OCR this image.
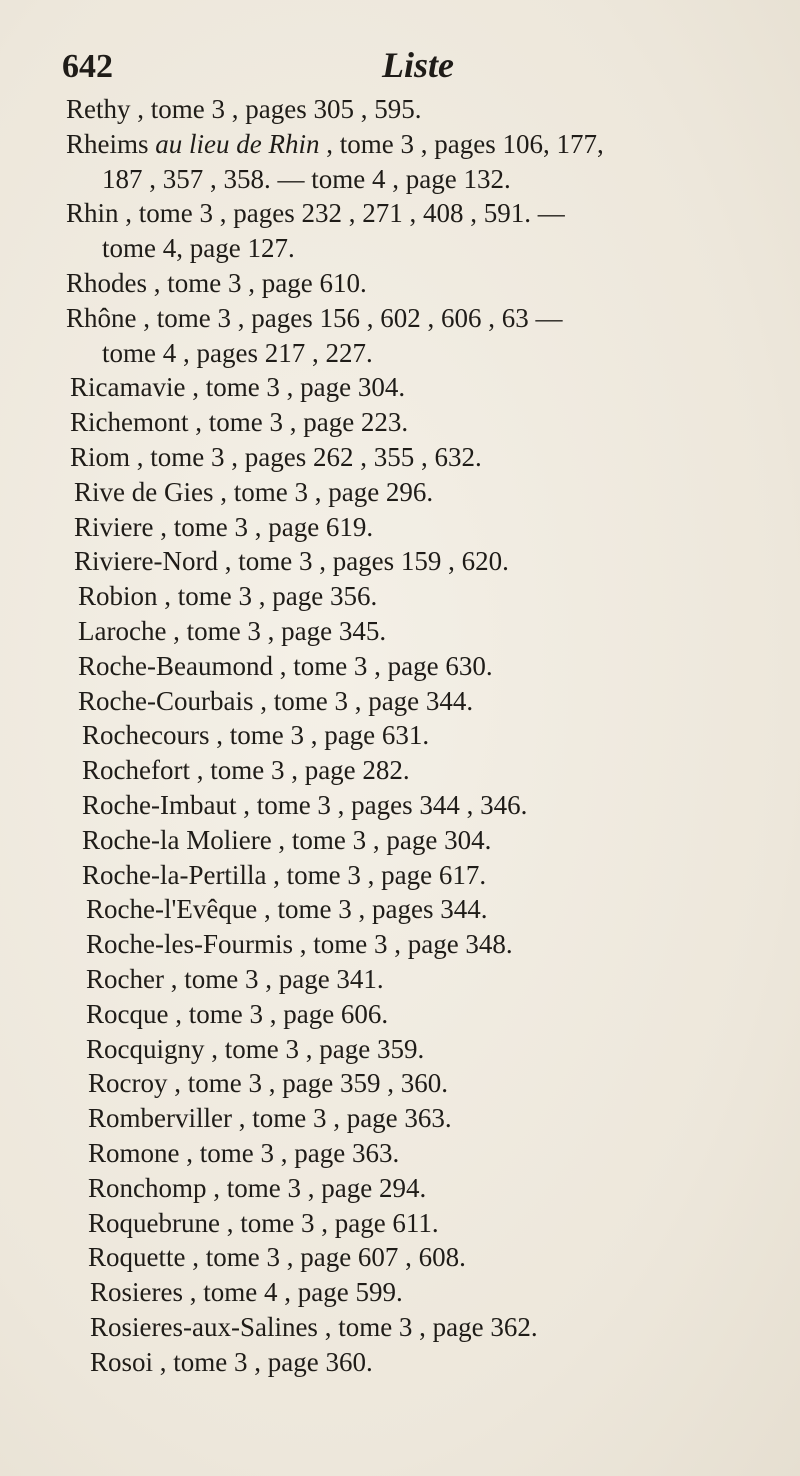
642	Liste
Rethy , tome 3 , pages 305 , 595.
Rheims au lieu de Rhin , tome 3 , pages 106, 177,
187 , 357 , 358. — tome 4 , page 132.
Rhin , tome 3 , pages 232 , 271 , 408 , 591. —
tome 4, page 127.
Rhodes , tome 3 , page 610.
Rhône , tome 3 , pages 156 , 602 , 606 , 63 —
tome 4 , pages 217 , 227.
Ricamavie , tome 3 , page 304.
Richemont , tome 3 , page 223.
Riom , tome 3 , pages 262 , 355 , 632.
Rive de Gies , tome 3 , page 296.
Riviere , tome 3 , page 619.
Riviere-Nord , tome 3 , pages 159 , 620.
Robion , tome 3 , page 356.
Laroche , tome 3 , page 345.
Roche-Beaumond , tome 3 , page 630.
Roche-Courbais , tome 3 , page 344.
Rochecours , tome 3 , page 631.
Rochefort , tome 3 , page 282.
Roche-Imbaut , tome 3 , pages 344 , 346.
Roche-la Moliere , tome 3 , page 304.
Roche-la-Pertilla , tome 3 , page 617.
Roche-l'Evêque , tome 3 , pages 344.
Roche-les-Fourmis , tome 3 , page 348.
Rocher , tome 3 , page 341.
Rocque , tome 3 , page 606.
Rocquigny , tome 3 , page 359.
Rocroy , tome 3 , page 359 , 360.
Romberviller , tome 3 , page 363.
Romone , tome 3 , page 363.
Ronchomp , tome 3 , page 294.
Roquebrune , tome 3 , page 611.
Roquette , tome 3 , page 607 , 608.
Rosieres , tome 4 , page 599.
Rosieres-aux-Salines , tome 3 , page 362.
Rosoi , tome 3 , page 360.
